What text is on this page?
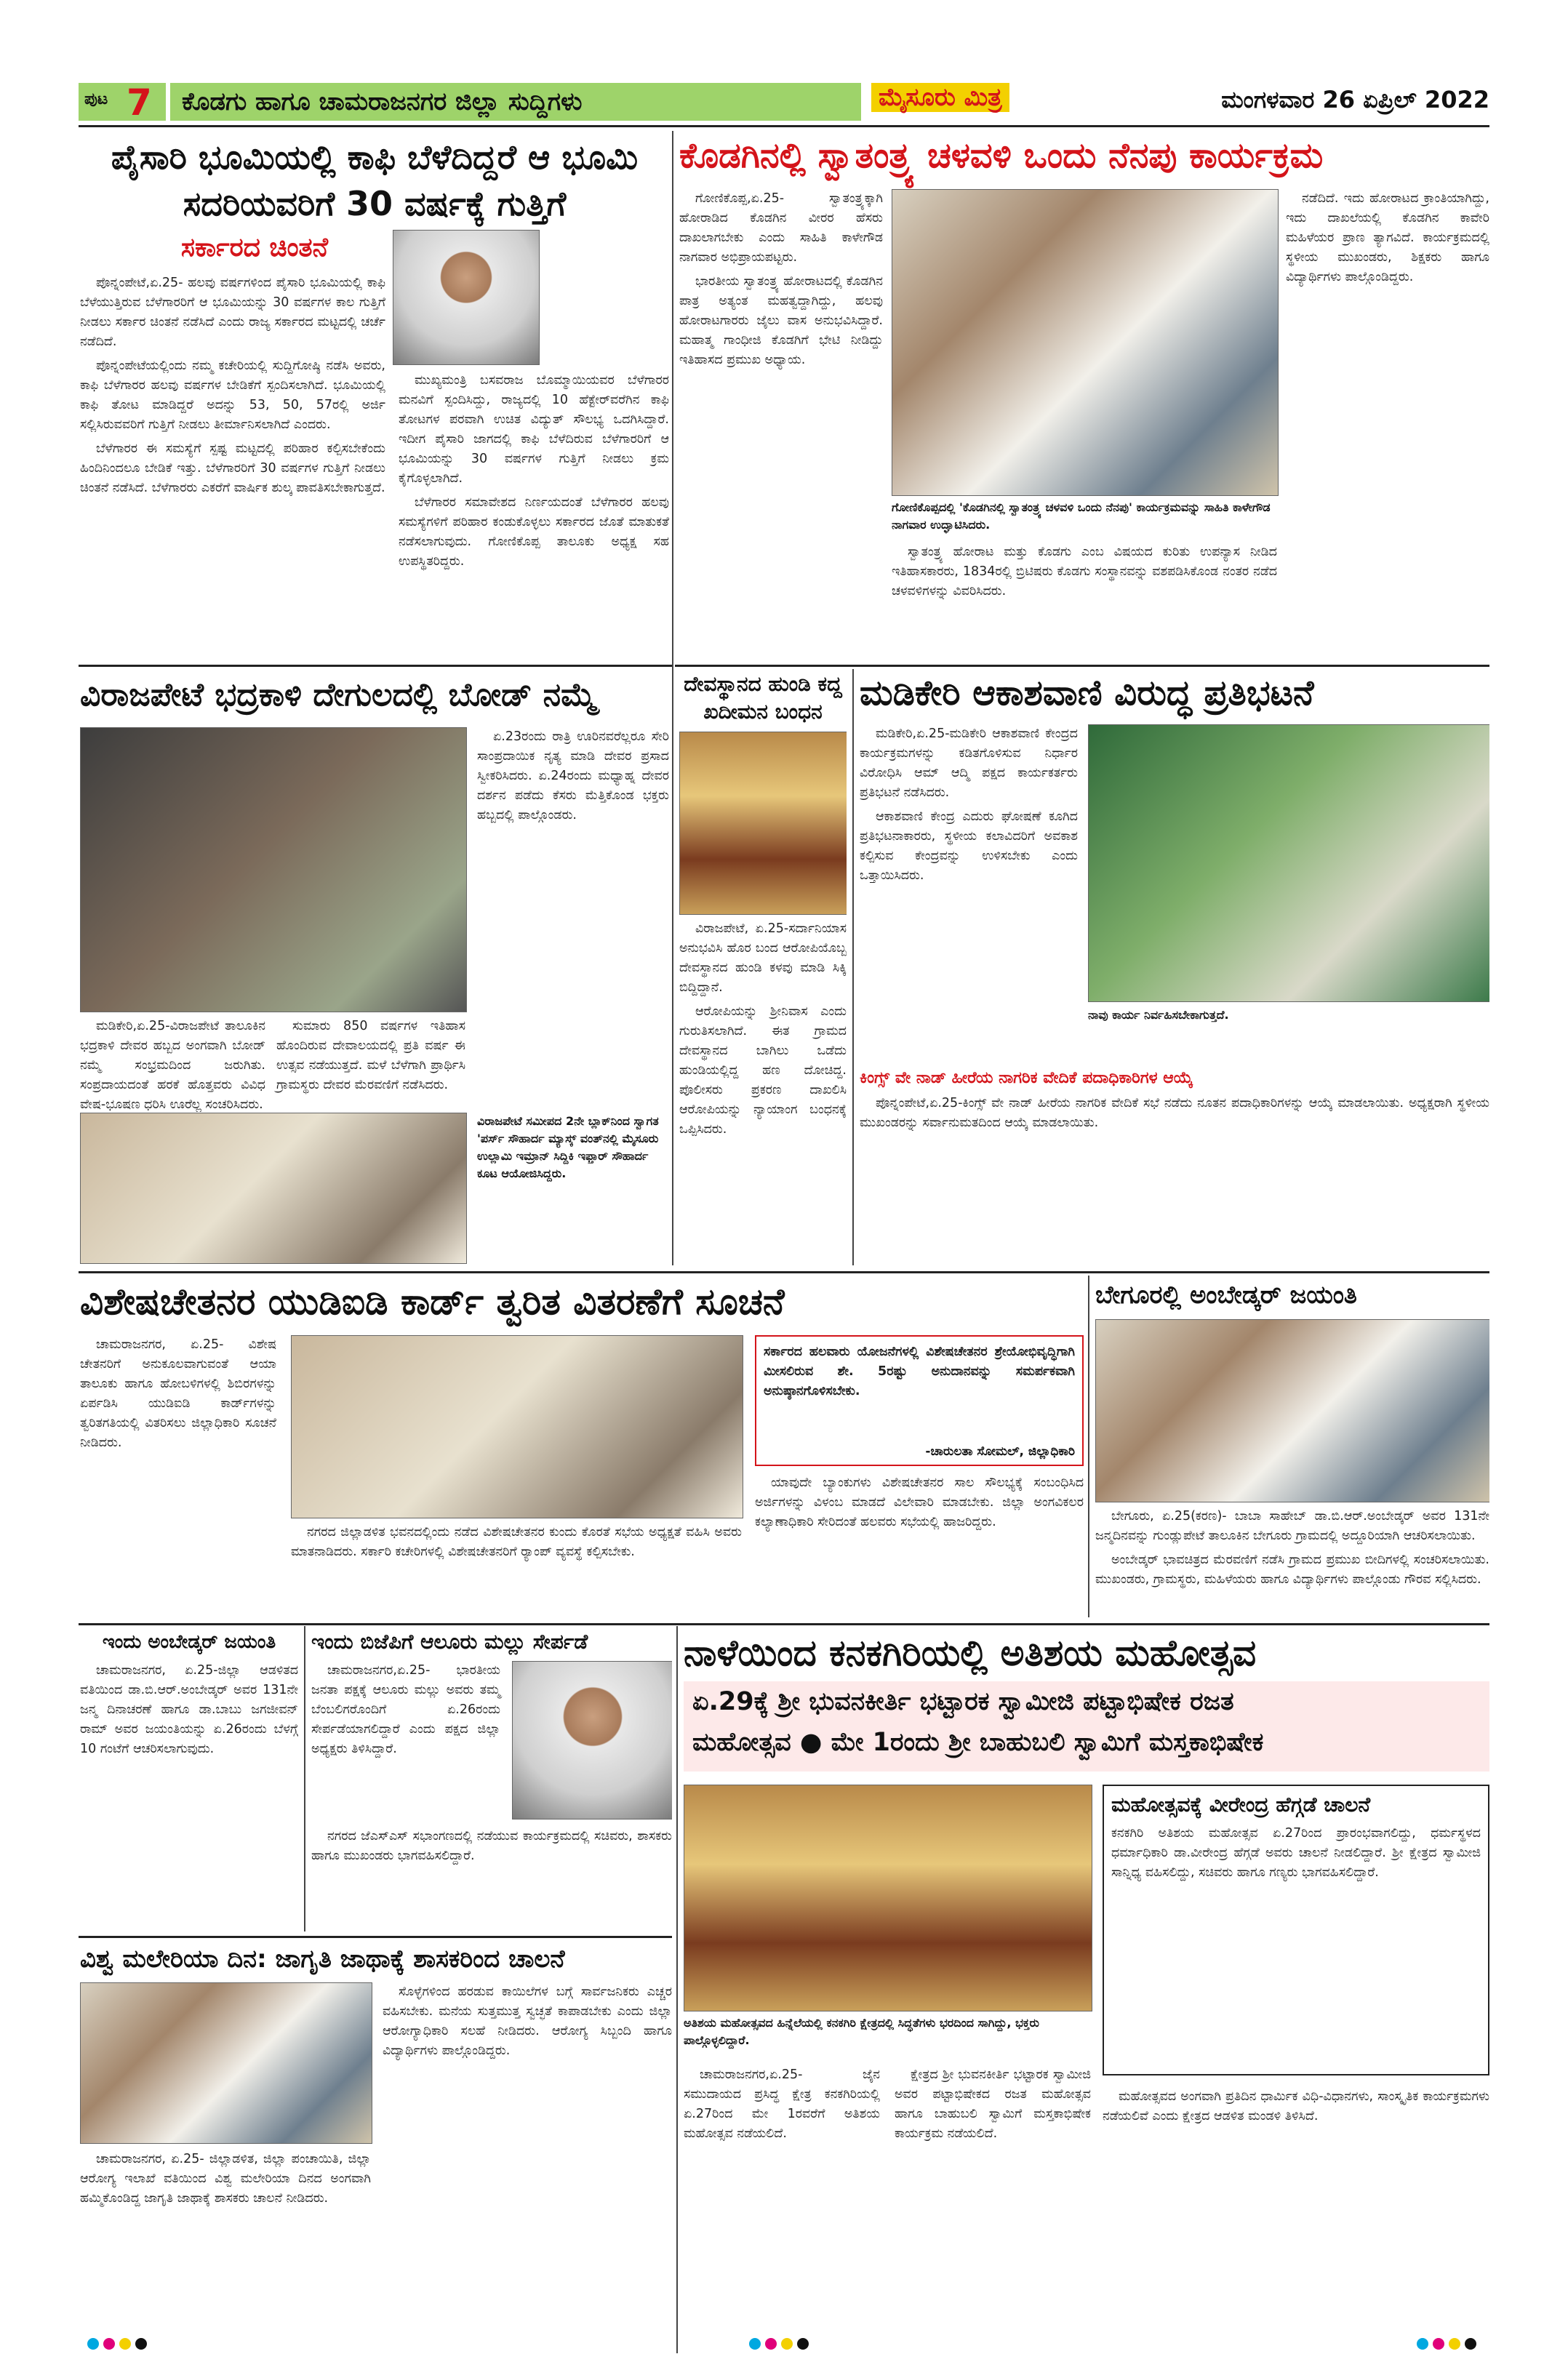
ಪುಟ 7 ಕೊಡಗು ಹಾಗೂ ಚಾಮರಾಜನಗರ ಜಿಲ್ಲಾ ಸುದ್ದಿಗಳು	ಮೈಸೂರು ಮಿತ್ರ	ಮಂಗಳವಾರ 26 ಏಪ್ರಿಲ್ 2022
ಪೈಸಾರಿ ಭೂಮಿಯಲ್ಲಿ ಕಾಫಿ ಬೆಳೆದಿದ್ದರೆ ಆ ಭೂಮಿ ಸದರಿಯವರಿಗೆ 30 ವರ್ಷಕ್ಕೆ ಗುತ್ತಿಗೆ
ಸರ್ಕಾರದ ಚಿಂತನೆ

ಪೊನ್ನಂಪೇಟೆ,ಏ.25- ಹಲವು ವರ್ಷಗಳಿಂದ ಪೈಸಾರಿ ಭೂಮಿಯಲ್ಲಿ ಕಾಫಿ ಬೆಳೆಯುತ್ತಿರುವ ಬೆಳೆಗಾರರಿಗೆ ಆ ಭೂಮಿಯನ್ನು 30 ವರ್ಷಗಳ ಕಾಲ ಗುತ್ತಿಗೆ ನೀಡಲು ಸರ್ಕಾರ ಚಿಂತನೆ ನಡೆಸಿದೆ ಎಂದು ರಾಜ್ಯ ಸರ್ಕಾರದ ಮಟ್ಟದಲ್ಲಿ ಚರ್ಚೆ ನಡೆದಿದೆ.

ಪೊನ್ನಂಪೇಟೆಯಲ್ಲಿಂದು ನಮ್ಮ ಕಚೇರಿಯಲ್ಲಿ ಸುದ್ದಿಗೋಷ್ಠಿ ನಡೆಸಿ ಅವರು, ಕಾಫಿ ಬೆಳೆಗಾರರ ಹಲವು ವರ್ಷಗಳ ಬೇಡಿಕೆಗೆ ಸ್ಪಂದಿಸಲಾಗಿದೆ. ಭೂಮಿಯಲ್ಲಿ ಕಾಫಿ ತೋಟ ಮಾಡಿದ್ದರೆ ಅದನ್ನು 53, 50, 57ರಲ್ಲಿ ಅರ್ಜಿ ಸಲ್ಲಿಸಿರುವವರಿಗೆ ಗುತ್ತಿಗೆ ನೀಡಲು ತೀರ್ಮಾನಿಸಲಾಗಿದೆ ಎಂದರು.

ಬೆಳೆಗಾರರ ಈ ಸಮಸ್ಯೆಗೆ ಸ್ಪಷ್ಟ ಮಟ್ಟದಲ್ಲಿ ಪರಿಹಾರ ಕಲ್ಪಿಸಬೇಕೆಂದು ಹಿಂದಿನಿಂದಲೂ ಬೇಡಿಕೆ ಇತ್ತು. ಬೆಳೆಗಾರರಿಗೆ 30 ವರ್ಷಗಳ ಗುತ್ತಿಗೆ ನೀಡಲು ಚಿಂತನೆ ನಡೆಸಿದೆ. ಬೆಳೆಗಾರರು ಎಕರೆಗೆ ವಾರ್ಷಿಕ ಶುಲ್ಕ ಪಾವತಿಸಬೇಕಾಗುತ್ತದೆ.

ಮುಖ್ಯಮಂತ್ರಿ ಬಸವರಾಜ ಬೊಮ್ಮಾಯಿಯವರ ಬೆಳೆಗಾರರ ಮನವಿಗೆ ಸ್ಪಂದಿಸಿದ್ದು, ರಾಜ್ಯದಲ್ಲಿ 10 ಹೆಕ್ಟೇರ್‌ವರೆಗಿನ ಕಾಫಿ ತೋಟಗಳ ಪರವಾಗಿ ಉಚಿತ ವಿದ್ಯುತ್ ಸೌಲಭ್ಯ ಒದಗಿಸಿದ್ದಾರೆ. ಇದೀಗ ಪೈಸಾರಿ ಜಾಗದಲ್ಲಿ ಕಾಫಿ ಬೆಳೆದಿರುವ ಬೆಳೆಗಾರರಿಗೆ ಆ ಭೂಮಿಯನ್ನು 30 ವರ್ಷಗಳ ಗುತ್ತಿಗೆ ನೀಡಲು ಕ್ರಮ ಕೈಗೊಳ್ಳಲಾಗಿದೆ.

ಬೆಳೆಗಾರರ ಸಮಾವೇಶದ ನಿರ್ಣಯದಂತೆ ಬೆಳೆಗಾರರ ಹಲವು ಸಮಸ್ಯೆಗಳಿಗೆ ಪರಿಹಾರ ಕಂಡುಕೊಳ್ಳಲು ಸರ್ಕಾರದ ಜೊತೆ ಮಾತುಕತೆ ನಡೆಸಲಾಗುವುದು. ಗೋಣಿಕೊಪ್ಪ ತಾಲೂಕು ಅಧ್ಯಕ್ಷ ಸಹ ಉಪಸ್ಥಿತರಿದ್ದರು.

ಕೊಡಗಿನಲ್ಲಿ ಸ್ವಾತಂತ್ರ್ಯ ಚಳವಳಿ ಒಂದು ನೆನಪು ಕಾರ್ಯಕ್ರಮ

ಗೋಣಿಕೊಪ್ಪ,ಏ.25- ಸ್ವಾತಂತ್ರ್ಯಕ್ಕಾಗಿ ಹೋರಾಡಿದ ಕೊಡಗಿನ ವೀರರ ಹೆಸರು ದಾಖಲಾಗಬೇಕು ಎಂದು ಸಾಹಿತಿ ಕಾಳೇಗೌಡ ನಾಗವಾರ ಅಭಿಪ್ರಾಯಪಟ್ಟರು.

ಭಾರತೀಯ ಸ್ವಾತಂತ್ರ್ಯ ಹೋರಾಟದಲ್ಲಿ ಕೊಡಗಿನ ಪಾತ್ರ ಅತ್ಯಂತ ಮಹತ್ವದ್ದಾಗಿದ್ದು, ಹಲವು ಹೋರಾಟಗಾರರು ಜೈಲು ವಾಸ ಅನುಭವಿಸಿದ್ದಾರೆ. ಮಹಾತ್ಮ ಗಾಂಧೀಜಿ ಕೊಡಗಿಗೆ ಭೇಟಿ ನೀಡಿದ್ದು ಇತಿಹಾಸದ ಪ್ರಮುಖ ಅಧ್ಯಾಯ.

ಗೋಣಿಕೊಪ್ಪದಲ್ಲಿ 'ಕೊಡಗಿನಲ್ಲಿ ಸ್ವಾತಂತ್ರ್ಯ ಚಳವಳಿ ಒಂದು ನೆನಪು' ಕಾರ್ಯಕ್ರಮವನ್ನು ಸಾಹಿತಿ ಕಾಳೇಗೌಡ ನಾಗವಾರ ಉದ್ಘಾಟಿಸಿದರು.

ಸ್ವಾತಂತ್ರ್ಯ ಹೋರಾಟ ಮತ್ತು ಕೊಡಗು ಎಂಬ ವಿಷಯದ ಕುರಿತು ಉಪನ್ಯಾಸ ನೀಡಿದ ಇತಿಹಾಸಕಾರರು, 1834ರಲ್ಲಿ ಬ್ರಿಟಿಷರು ಕೊಡಗು ಸಂಸ್ಥಾನವನ್ನು ವಶಪಡಿಸಿಕೊಂಡ ನಂತರ ನಡೆದ ಚಳವಳಿಗಳನ್ನು ವಿವರಿಸಿದರು.

ನಡೆದಿದೆ. ಇದು ಹೋರಾಟದ ಕ್ರಾಂತಿಯಾಗಿದ್ದು, ಇದು ದಾಖಲೆಯಲ್ಲಿ ಕೊಡಗಿನ ಕಾವೇರಿ ಮಹಿಳೆಯರ ಪ್ರಾಣ ತ್ಯಾಗವಿದೆ. ಕಾರ್ಯಕ್ರಮದಲ್ಲಿ ಸ್ಥಳೀಯ ಮುಖಂಡರು, ಶಿಕ್ಷಕರು ಹಾಗೂ ವಿದ್ಯಾರ್ಥಿಗಳು ಪಾಲ್ಗೊಂಡಿದ್ದರು.

ವಿರಾಜಪೇಟೆ ಭದ್ರಕಾಳಿ ದೇಗುಲದಲ್ಲಿ ಬೋಡ್ ನಮ್ಮೆ

ಮಡಿಕೇರಿ,ಏ.25-ವಿರಾಜಪೇಟೆ ತಾಲೂಕಿನ ಭದ್ರಕಾಳಿ ದೇವರ ಹಬ್ಬದ ಅಂಗವಾಗಿ ಬೋಡ್ ನಮ್ಮೆ ಸಂಭ್ರಮದಿಂದ ಜರುಗಿತು. ಸಂಪ್ರದಾಯದಂತೆ ಹರಕೆ ಹೊತ್ತವರು ವಿವಿಧ ವೇಷ-ಭೂಷಣ ಧರಿಸಿ ಊರೆಲ್ಲ ಸಂಚರಿಸಿದರು.

ಸುಮಾರು 850 ವರ್ಷಗಳ ಇತಿಹಾಸ ಹೊಂದಿರುವ ದೇವಾಲಯದಲ್ಲಿ ಪ್ರತಿ ವರ್ಷ ಈ ಉತ್ಸವ ನಡೆಯುತ್ತದೆ. ಮಳೆ ಬೆಳೆಗಾಗಿ ಪ್ರಾರ್ಥಿಸಿ ಗ್ರಾಮಸ್ಥರು ದೇವರ ಮೆರವಣಿಗೆ ನಡೆಸಿದರು.

ಏ.23ರಂದು ರಾತ್ರಿ ಊರಿನವರೆಲ್ಲರೂ ಸೇರಿ ಸಾಂಪ್ರದಾಯಿಕ ನೃತ್ಯ ಮಾಡಿ ದೇವರ ಪ್ರಸಾದ ಸ್ವೀಕರಿಸಿದರು. ಏ.24ರಂದು ಮಧ್ಯಾಹ್ನ ದೇವರ ದರ್ಶನ ಪಡೆದು ಕೆಸರು ಮೆತ್ತಿಕೊಂಡ ಭಕ್ತರು ಹಬ್ಬದಲ್ಲಿ ಪಾಲ್ಗೊಂಡರು.

ವಿರಾಜಪೇಟೆ ಸಮೀಪದ 2ನೇ ಬ್ಲಾಕ್‌ನಿಂದ ಸ್ವಾಗತ 'ಪರ್ಸ್ ಸೌಹಾರ್ದ ಮ್ಯಾಸ್ಕ್ ವಂತ್‌ನಲ್ಲಿ ಮೈಸೂರು ಉಲ್ಲಾಮಿ ಇಮ್ರಾನ್ ಸಿದ್ದಿಕಿ ಇಫ್ತಾರ್ ಸೌಹಾರ್ದ ಕೂಟ ಆಯೋಜಿಸಿದ್ದರು.
ದೇವಸ್ಥಾನದ ಹುಂಡಿ ಕದ್ದ ಖದೀಮನ ಬಂಧನ

ವಿರಾಜಪೇಟೆ, ಏ.25-ಸರ್ದಾನಿಯಾಸ ಅನುಭವಿಸಿ ಹೊರ ಬಂದ ಆರೋಪಿಯೊಬ್ಬ ದೇವಸ್ಥಾನದ ಹುಂಡಿ ಕಳವು ಮಾಡಿ ಸಿಕ್ಕಿ ಬಿದ್ದಿದ್ದಾನೆ.

ಆರೋಪಿಯನ್ನು ಶ್ರೀನಿವಾಸ ಎಂದು ಗುರುತಿಸಲಾಗಿದೆ. ಈತ ಗ್ರಾಮದ ದೇವಸ್ಥಾನದ ಬಾಗಿಲು ಒಡೆದು ಹುಂಡಿಯಲ್ಲಿದ್ದ ಹಣ ದೋಚಿದ್ದ. ಪೊಲೀಸರು ಪ್ರಕರಣ ದಾಖಲಿಸಿ ಆರೋಪಿಯನ್ನು ನ್ಯಾಯಾಂಗ ಬಂಧನಕ್ಕೆ ಒಪ್ಪಿಸಿದರು.

ಮಡಿಕೇರಿ ಆಕಾಶವಾಣಿ ವಿರುದ್ಧ ಪ್ರತಿಭಟನೆ

ಮಡಿಕೇರಿ,ಏ.25-ಮಡಿಕೇರಿ ಆಕಾಶವಾಣಿ ಕೇಂದ್ರದ ಕಾರ್ಯಕ್ರಮಗಳನ್ನು ಕಡಿತಗೊಳಿಸುವ ನಿರ್ಧಾರ ವಿರೋಧಿಸಿ ಆಮ್ ಆದ್ಮಿ ಪಕ್ಷದ ಕಾರ್ಯಕರ್ತರು ಪ್ರತಿಭಟನೆ ನಡೆಸಿದರು.

ಆಕಾಶವಾಣಿ ಕೇಂದ್ರ ಎದುರು ಘೋಷಣೆ ಕೂಗಿದ ಪ್ರತಿಭಟನಾಕಾರರು, ಸ್ಥಳೀಯ ಕಲಾವಿದರಿಗೆ ಅವಕಾಶ ಕಲ್ಪಿಸುವ ಕೇಂದ್ರವನ್ನು ಉಳಿಸಬೇಕು ಎಂದು ಒತ್ತಾಯಿಸಿದರು.

ನಾವು ಕಾರ್ಯ ನಿರ್ವಹಿಸಬೇಕಾಗುತ್ತದೆ.
ಕಿಂಗ್ಸ್ ವೇ ನಾಡ್ ಹೀರೆಯ ನಾಗರಿಕ ವೇದಿಕೆ ಪದಾಧಿಕಾರಿಗಳ ಆಯ್ಕೆ

ಪೊನ್ನಂಪೇಟೆ,ಏ.25-ಕಿಂಗ್ಸ್ ವೇ ನಾಡ್ ಹೀರೆಯ ನಾಗರಿಕ ವೇದಿಕೆ ಸಭೆ ನಡೆದು ನೂತನ ಪದಾಧಿಕಾರಿಗಳನ್ನು ಆಯ್ಕೆ ಮಾಡಲಾಯಿತು. ಅಧ್ಯಕ್ಷರಾಗಿ ಸ್ಥಳೀಯ ಮುಖಂಡರನ್ನು ಸರ್ವಾನುಮತದಿಂದ ಆಯ್ಕೆ ಮಾಡಲಾಯಿತು.

ವಿಶೇಷಚೇತನರ ಯುಡಿಐಡಿ ಕಾರ್ಡ್ ತ್ವರಿತ ವಿತರಣೆಗೆ ಸೂಚನೆ

ಚಾಮರಾಜನಗರ, ಏ.25- ವಿಶೇಷ ಚೇತನರಿಗೆ ಅನುಕೂಲವಾಗುವಂತೆ ಆಯಾ ತಾಲೂಕು ಹಾಗೂ ಹೋಬಳಿಗಳಲ್ಲಿ ಶಿಬಿರಗಳನ್ನು ಏರ್ಪಡಿಸಿ ಯುಡಿಐಡಿ ಕಾರ್ಡ್‌ಗಳನ್ನು ತ್ವರಿತಗತಿಯಲ್ಲಿ ವಿತರಿಸಲು ಜಿಲ್ಲಾಧಿಕಾರಿ ಸೂಚನೆ ನೀಡಿದರು.

ನಗರದ ಜಿಲ್ಲಾಡಳಿತ ಭವನದಲ್ಲಿಂದು ನಡೆದ ವಿಶೇಷಚೇತನರ ಕುಂದು ಕೊರತೆ ಸಭೆಯ ಅಧ್ಯಕ್ಷತೆ ವಹಿಸಿ ಅವರು ಮಾತನಾಡಿದರು. ಸರ್ಕಾರಿ ಕಚೇರಿಗಳಲ್ಲಿ ವಿಶೇಷಚೇತನರಿಗೆ ರ್‍ಯಾಂಪ್ ವ್ಯವಸ್ಥೆ ಕಲ್ಪಿಸಬೇಕು.

ಸರ್ಕಾರದ ಹಲವಾರು ಯೋಜನೆಗಳಲ್ಲಿ ವಿಶೇಷಚೇತನರ ಶ್ರೇಯೋಭಿವೃದ್ಧಿಗಾಗಿ ಮೀಸಲಿರುವ ಶೇ. 5ರಷ್ಟು ಅನುದಾನವನ್ನು ಸಮರ್ಪಕವಾಗಿ ಅನುಷ್ಠಾನಗೊಳಿಸಬೇಕು.
-ಚಾರುಲತಾ ಸೋಮಲ್, ಜಿಲ್ಲಾಧಿಕಾರಿ

ಯಾವುದೇ ಬ್ಯಾಂಕುಗಳು ವಿಶೇಷಚೇತನರ ಸಾಲ ಸೌಲಭ್ಯಕ್ಕೆ ಸಂಬಂಧಿಸಿದ ಅರ್ಜಿಗಳನ್ನು ವಿಳಂಬ ಮಾಡದೆ ವಿಲೇವಾರಿ ಮಾಡಬೇಕು. ಜಿಲ್ಲಾ ಅಂಗವಿಕಲರ ಕಲ್ಯಾಣಾಧಿಕಾರಿ ಸೇರಿದಂತೆ ಹಲವರು ಸಭೆಯಲ್ಲಿ ಹಾಜರಿದ್ದರು.

ಬೇಗೂರಲ್ಲಿ ಅಂಬೇಡ್ಕರ್ ಜಯಂತಿ

ಬೇಗೂರು, ಏ.25(ಕರಣ)- ಬಾಬಾ ಸಾಹೇಬ್ ಡಾ.ಬಿ.ಆರ್.ಅಂಬೇಡ್ಕರ್ ಅವರ 131ನೇ ಜನ್ಮದಿನವನ್ನು ಗುಂಡ್ಲುಪೇಟೆ ತಾಲೂಕಿನ ಬೇಗೂರು ಗ್ರಾಮದಲ್ಲಿ ಅದ್ದೂರಿಯಾಗಿ ಆಚರಿಸಲಾಯಿತು.

ಅಂಬೇಡ್ಕರ್ ಭಾವಚಿತ್ರದ ಮೆರವಣಿಗೆ ನಡೆಸಿ ಗ್ರಾಮದ ಪ್ರಮುಖ ಬೀದಿಗಳಲ್ಲಿ ಸಂಚರಿಸಲಾಯಿತು. ಮುಖಂಡರು, ಗ್ರಾಮಸ್ಥರು, ಮಹಿಳೆಯರು ಹಾಗೂ ವಿದ್ಯಾರ್ಥಿಗಳು ಪಾಲ್ಗೊಂಡು ಗೌರವ ಸಲ್ಲಿಸಿದರು.

ಇಂದು ಅಂಬೇಡ್ಕರ್ ಜಯಂತಿ

ಚಾಮರಾಜನಗರ, ಏ.25-ಜಿಲ್ಲಾ ಆಡಳಿತದ ವತಿಯಿಂದ ಡಾ.ಬಿ.ಆರ್.ಅಂಬೇಡ್ಕರ್ ಅವರ 131ನೇ ಜನ್ಮ ದಿನಾಚರಣೆ ಹಾಗೂ ಡಾ.ಬಾಬು ಜಗಜೀವನ್ ರಾಮ್ ಅವರ ಜಯಂತಿಯನ್ನು ಏ.26ರಂದು ಬೆಳಗ್ಗೆ 10 ಗಂಟೆಗೆ ಆಚರಿಸಲಾಗುವುದು.

ಇಂದು ಬಿಜೆಪಿಗೆ ಆಲೂರು ಮಲ್ಲು ಸೇರ್ಪಡೆ

ಚಾಮರಾಜನಗರ,ಏ.25- ಭಾರತೀಯ ಜನತಾ ಪಕ್ಷಕ್ಕೆ ಆಲೂರು ಮಲ್ಲು ಅವರು ತಮ್ಮ ಬೆಂಬಲಿಗರೊಂದಿಗೆ ಏ.26ರಂದು ಸೇರ್ಪಡೆಯಾಗಲಿದ್ದಾರೆ ಎಂದು ಪಕ್ಷದ ಜಿಲ್ಲಾ ಅಧ್ಯಕ್ಷರು ತಿಳಿಸಿದ್ದಾರೆ.

ನಗರದ ಜೆಎಸ್‌ಎಸ್ ಸಭಾಂಗಣದಲ್ಲಿ ನಡೆಯುವ ಕಾರ್ಯಕ್ರಮದಲ್ಲಿ ಸಚಿವರು, ಶಾಸಕರು ಹಾಗೂ ಮುಖಂಡರು ಭಾಗವಹಿಸಲಿದ್ದಾರೆ.

ನಾಳೆಯಿಂದ ಕನಕಗಿರಿಯಲ್ಲಿ ಅತಿಶಯ ಮಹೋತ್ಸವ
ಏ.29ಕ್ಕೆ ಶ್ರೀ ಭುವನಕೀರ್ತಿ ಭಟ್ಟಾರಕ ಸ್ವಾಮೀಜಿ ಪಟ್ಟಾಭಿಷೇಕ ರಜತ
ಮಹೋತ್ಸವ ● ಮೇ 1ರಂದು ಶ್ರೀ ಬಾಹುಬಲಿ ಸ್ವಾಮಿಗೆ ಮಸ್ತಕಾಭಿಷೇಕ
ಅತಿಶಯ ಮಹೋತ್ಸವದ ಹಿನ್ನೆಲೆಯಲ್ಲಿ ಕನಕಗಿರಿ ಕ್ಷೇತ್ರದಲ್ಲಿ ಸಿದ್ಧತೆಗಳು ಭರದಿಂದ ಸಾಗಿದ್ದು, ಭಕ್ತರು ಪಾಲ್ಗೊಳ್ಳಲಿದ್ದಾರೆ.
ಮಹೋತ್ಸವಕ್ಕೆ ವೀರೇಂದ್ರ ಹೆಗ್ಗಡೆ ಚಾಲನೆ
ಕನಕಗಿರಿ ಅತಿಶಯ ಮಹೋತ್ಸವ ಏ.27ರಿಂದ ಪ್ರಾರಂಭವಾಗಲಿದ್ದು, ಧರ್ಮಸ್ಥಳದ ಧರ್ಮಾಧಿಕಾರಿ ಡಾ.ವೀರೇಂದ್ರ ಹೆಗ್ಗಡೆ ಅವರು ಚಾಲನೆ ನೀಡಲಿದ್ದಾರೆ. ಶ್ರೀ ಕ್ಷೇತ್ರದ ಸ್ವಾಮೀಜಿ ಸಾನ್ನಿಧ್ಯ ವಹಿಸಲಿದ್ದು, ಸಚಿವರು ಹಾಗೂ ಗಣ್ಯರು ಭಾಗವಹಿಸಲಿದ್ದಾರೆ.

ಚಾಮರಾಜನಗರ,ಏ.25- ಜೈನ ಸಮುದಾಯದ ಪ್ರಸಿದ್ಧ ಕ್ಷೇತ್ರ ಕನಕಗಿರಿಯಲ್ಲಿ ಏ.27ರಿಂದ ಮೇ 1ರವರೆಗೆ ಅತಿಶಯ ಮಹೋತ್ಸವ ನಡೆಯಲಿದೆ.

ಕ್ಷೇತ್ರದ ಶ್ರೀ ಭುವನಕೀರ್ತಿ ಭಟ್ಟಾರಕ ಸ್ವಾಮೀಜಿ ಅವರ ಪಟ್ಟಾಭಿಷೇಕದ ರಜತ ಮಹೋತ್ಸವ ಹಾಗೂ ಬಾಹುಬಲಿ ಸ್ವಾಮಿಗೆ ಮಸ್ತಕಾಭಿಷೇಕ ಕಾರ್ಯಕ್ರಮ ನಡೆಯಲಿದೆ.

ಮಹೋತ್ಸವದ ಅಂಗವಾಗಿ ಪ್ರತಿದಿನ ಧಾರ್ಮಿಕ ವಿಧಿ-ವಿಧಾನಗಳು, ಸಾಂಸ್ಕೃತಿಕ ಕಾರ್ಯಕ್ರಮಗಳು ನಡೆಯಲಿವೆ ಎಂದು ಕ್ಷೇತ್ರದ ಆಡಳಿತ ಮಂಡಳಿ ತಿಳಿಸಿದೆ.

ವಿಶ್ವ ಮಲೇರಿಯಾ ದಿನ: ಜಾಗೃತಿ ಜಾಥಾಕ್ಕೆ ಶಾಸಕರಿಂದ ಚಾಲನೆ

ಸೊಳ್ಳೆಗಳಿಂದ ಹರಡುವ ಕಾಯಿಲೆಗಳ ಬಗ್ಗೆ ಸಾರ್ವಜನಿಕರು ಎಚ್ಚರ ವಹಿಸಬೇಕು. ಮನೆಯ ಸುತ್ತಮುತ್ತ ಸ್ವಚ್ಛತೆ ಕಾಪಾಡಬೇಕು ಎಂದು ಜಿಲ್ಲಾ ಆರೋಗ್ಯಾಧಿಕಾರಿ ಸಲಹೆ ನೀಡಿದರು. ಆರೋಗ್ಯ ಸಿಬ್ಬಂದಿ ಹಾಗೂ ವಿದ್ಯಾರ್ಥಿಗಳು ಪಾಲ್ಗೊಂಡಿದ್ದರು.

ಚಾಮರಾಜನಗರ, ಏ.25- ಜಿಲ್ಲಾಡಳಿತ, ಜಿಲ್ಲಾ ಪಂಚಾಯಿತಿ, ಜಿಲ್ಲಾ ಆರೋಗ್ಯ ಇಲಾಖೆ ವತಿಯಿಂದ ವಿಶ್ವ ಮಲೇರಿಯಾ ದಿನದ ಅಂಗವಾಗಿ ಹಮ್ಮಿಕೊಂಡಿದ್ದ ಜಾಗೃತಿ ಜಾಥಾಕ್ಕೆ ಶಾಸಕರು ಚಾಲನೆ ನೀಡಿದರು.
